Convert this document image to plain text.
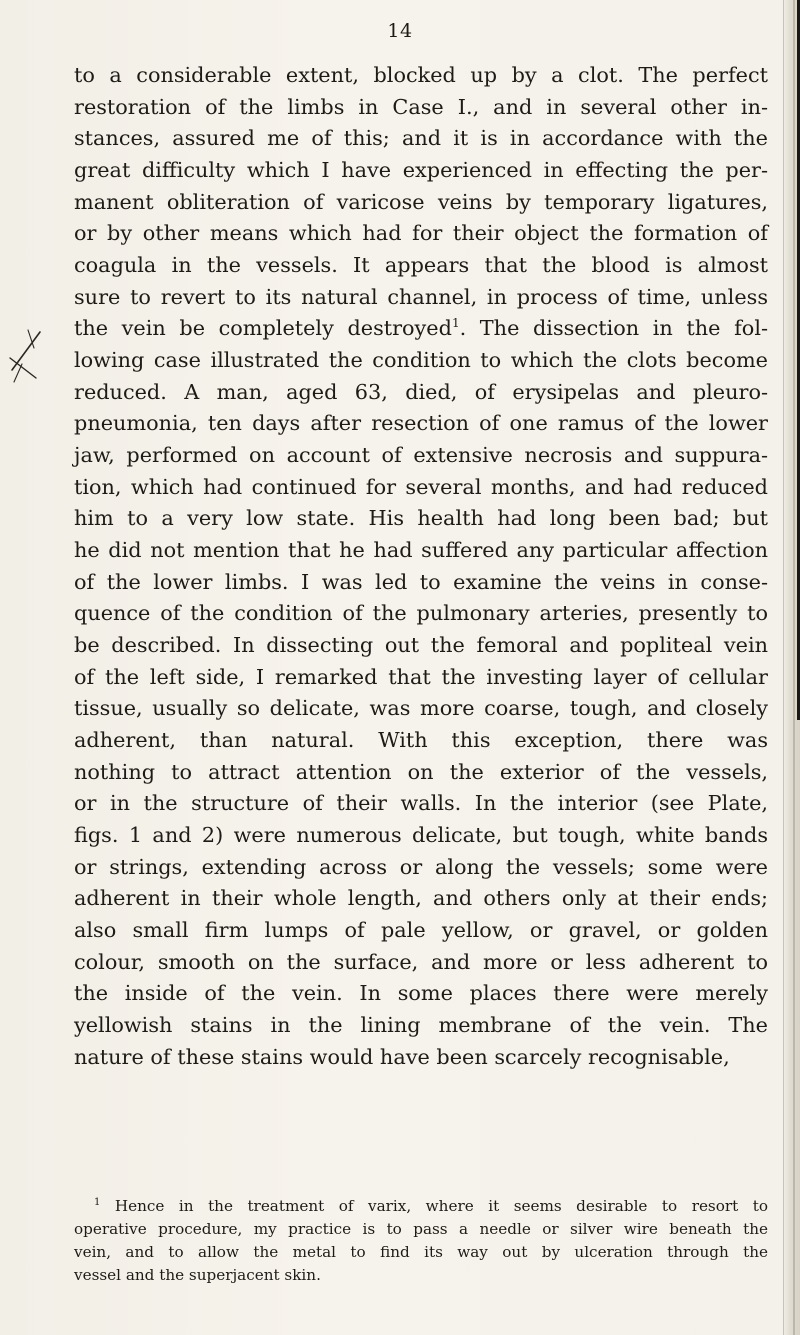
14
to a considerable extent, blocked up by a clot. The perfect
restoration of the limbs in Case I., and in several other in-
stances, assured me of this; and it is in accordance with the
great difficulty which I have experienced in effecting the per-
manent obliteration of varicose veins by temporary ligatures,
or by other means which had for their object the formation of
coagula in the vessels. It appears that the blood is almost
sure to revert to its natural channel, in process of time, unless
the vein be completely destroyed$^1$. The dissection in the fol-
lowing case illustrated the condition to which the clots become
reduced. A man, aged 63, died, of erysipelas and pleuro-
pneumonia, ten days after resection of one ramus of the lower
jaw, performed on account of extensive necrosis and suppura-
tion, which had continued for several months, and had reduced
him to a very low state. His health had long been bad; but
he did not mention that he had suffered any particular affection
of the lower limbs. I was led to examine the veins in conse-
quence of the condition of the pulmonary arteries, presently to
be described. In dissecting out the femoral and popliteal vein
of the left side, I remarked that the investing layer of cellular
tissue, usually so delicate, was more coarse, tough, and closely
adherent, than natural. With this exception, there was
nothing to attract attention on the exterior of the vessels,
or in the structure of their walls. In the interior (see Plate,
figs. 1 and 2) were numerous delicate, but tough, white bands
or strings, extending across or along the vessels; some were
adherent in their whole length, and others only at their ends;
also small firm lumps of pale yellow, or gravel, or golden
colour, smooth on the surface, and more or less adherent to
the inside of the vein. In some places there were merely
yellowish stains in the lining membrane of the vein. The
nature of these stains would have been scarcely recognisable,
$^1$ Hence in the treatment of varix, where it seems desirable to resort to
operative procedure, my practice is to pass a needle or silver wire beneath the
vein, and to allow the metal to find its way out by ulceration through the
vessel and the superjacent skin.
